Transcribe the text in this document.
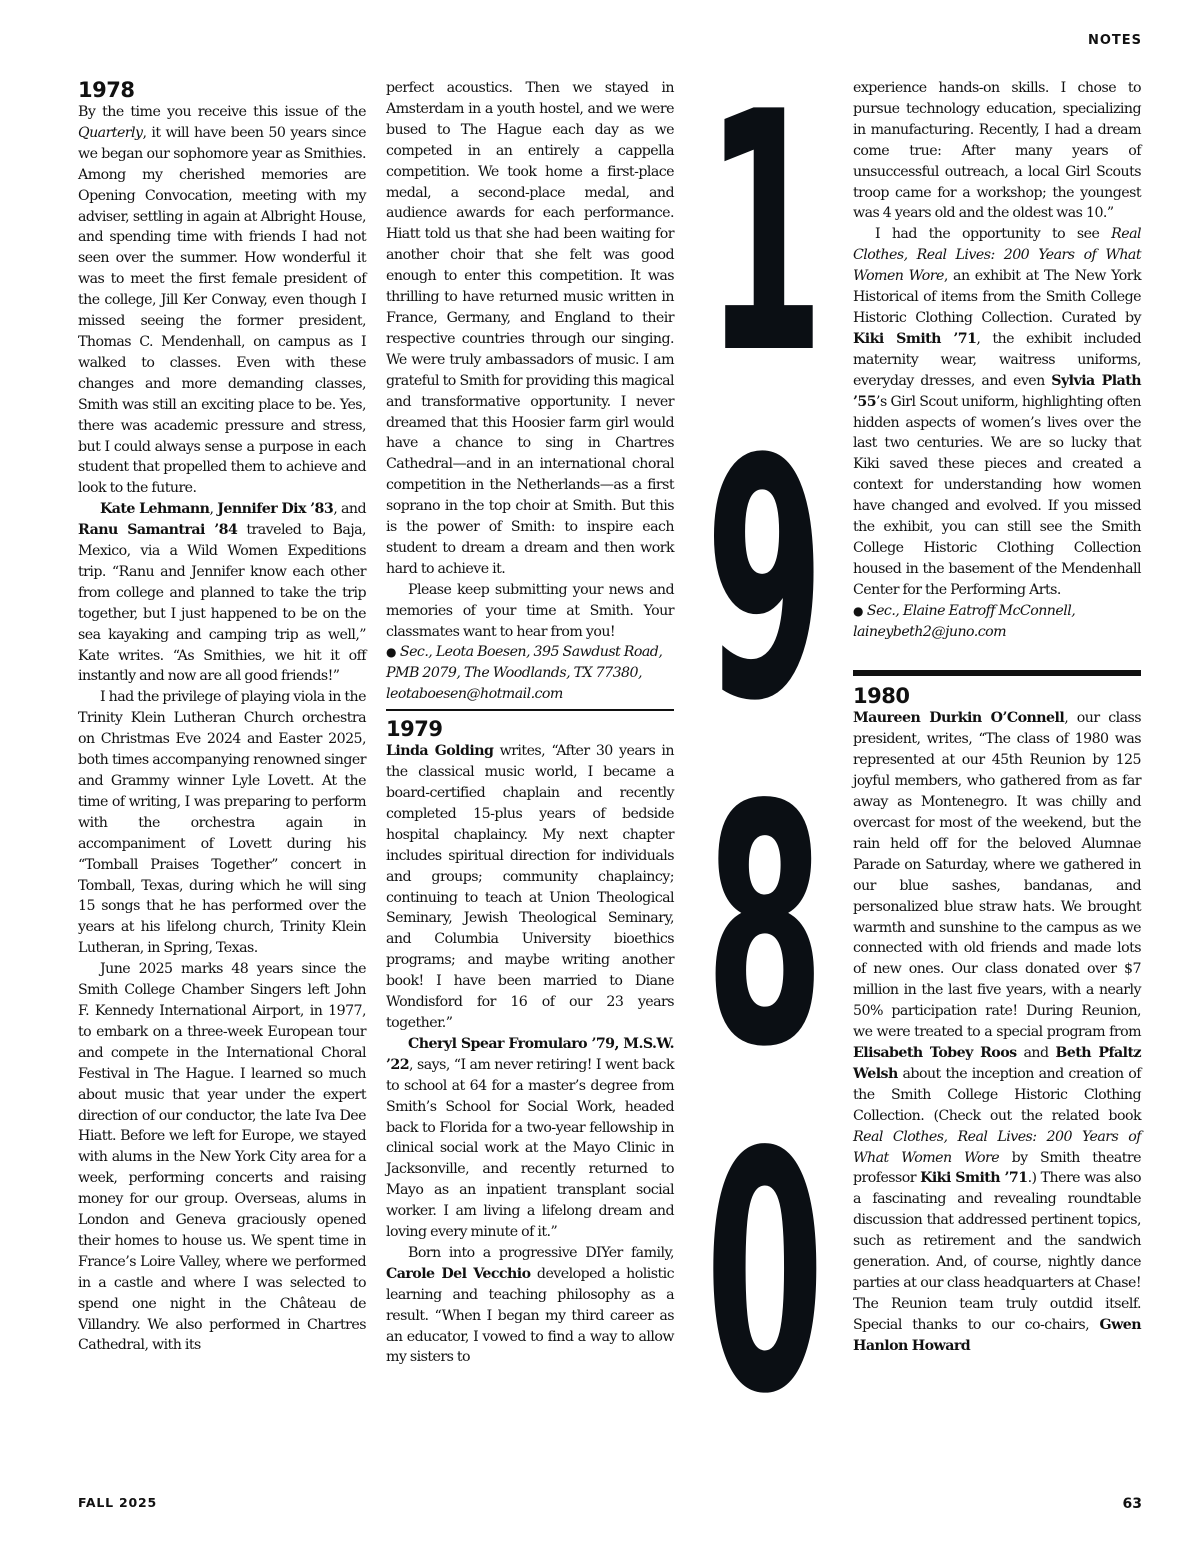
NOTES
1978

By the time you receive this issue of the Quarterly, it will have been 50 years since we began our sophomore year as Smithies. Among my cherished memories are Opening Convocation, meeting with my adviser, settling in again at Albright House, and spending time with friends I had not seen over the summer. How wonderful it was to meet the first female president of the college, Jill Ker Conway, even though I missed seeing the former president, Thomas C. Mendenhall, on campus as I walked to classes. Even with these changes and more demanding classes, Smith was still an exciting place to be. Yes, there was academic pressure and stress, but I could always sense a purpose in each student that propelled them to achieve and look to the future.

Kate Lehmann, Jennifer Dix ’83, and Ranu Samantrai ’84 traveled to Baja, Mexico, via a Wild Women Expeditions trip. “Ranu and Jennifer know each other from college and planned to take the trip together, but I just happened to be on the sea kayaking and camping trip as well,” Kate writes. “As Smithies, we hit it off instantly and now are all good friends!”

I had the privilege of playing viola in the Trinity Klein Lutheran Church orchestra on Christmas Eve 2024 and Easter 2025, both times accompanying renowned singer and Grammy winner Lyle Lovett. At the time of writing, I was preparing to perform with the orchestra again in accompaniment of Lovett during his “Tomball Praises Together” concert in Tomball, Texas, during which he will sing 15 songs that he has performed over the years at his lifelong church, Trinity Klein Lutheran, in Spring, Texas.

June 2025 marks 48 years since the Smith College Chamber Singers left John F. Kennedy International Airport, in 1977, to embark on a three-week European tour and compete in the International Choral Festival in The Hague. I learned so much about music that year under the expert direction of our conductor, the late Iva Dee Hiatt. Before we left for Europe, we stayed with alums in the New York City area for a week, performing concerts and raising money for our group. Overseas, alums in London and Geneva graciously opened their homes to house us. We spent time in France’s Loire Valley, where we performed in a castle and where I was selected to spend one night in the Château de Villandry. We also performed in Chartres Cathedral, with its

perfect acoustics. Then we stayed in Amsterdam in a youth hostel, and we were bused to The Hague each day as we competed in an entirely a cappella competition. We took home a first-place medal, a second-place medal, and audience awards for each performance. Hiatt told us that she had been waiting for another choir that she felt was good enough to enter this competition. It was thrilling to have returned music written in France, Germany, and England to their respective countries through our singing. We were truly ambassadors of music. I am grateful to Smith for providing this magical and transformative opportunity. I never dreamed that this Hoosier farm girl would have a chance to sing in Chartres Cathedral—and in an international choral competition in the Netherlands—as a first soprano in the top choir at Smith. But this is the power of Smith: to inspire each student to dream a dream and then work hard to achieve it.

Please keep submitting your news and memories of your time at Smith. Your classmates want to hear from you!

● Sec., Leota Boesen, 395 Sawdust Road, PMB 2079, The Woodlands, TX 77380, leotaboesen@hotmail.com

1979

Linda Golding writes, “After 30 years in the classical music world, I became a board-certified chaplain and recently completed 15-plus years of bedside hospital chaplaincy. My next chapter includes spiritual direction for individuals and groups; community chaplaincy; continuing to teach at Union Theological Seminary, Jewish Theological Seminary, and Columbia University bioethics programs; and maybe writing another book! I have been married to Diane Wondisford for 16 of our 23 years together.”

Cheryl Spear Fromularo ’79, M.S.W. ’22, says, “I am never retiring! I went back to school at 64 for a master’s degree from Smith’s School for Social Work, headed back to Florida for a two-year fellowship in clinical social work at the Mayo Clinic in Jacksonville, and recently returned to Mayo as an inpatient transplant social worker. I am living a lifelong dream and loving every minute of it.”

Born into a progressive DIYer family, Carole Del Vecchio developed a holistic learning and teaching philosophy as a result. “When I began my third career as an educator, I vowed to find a way to allow my sisters to

1
9
8
0

experience hands-on skills. I chose to pursue technology education, specializing in manufacturing. Recently, I had a dream come true: After many years of unsuccessful outreach, a local Girl Scouts troop came for a workshop; the youngest was 4 years old and the oldest was 10.”

I had the opportunity to see Real Clothes, Real Lives: 200 Years of What Women Wore, an exhibit at The New York Historical of items from the Smith College Historic Clothing Collection. Curated by Kiki Smith ’71, the exhibit included maternity wear, waitress uniforms, everyday dresses, and even Sylvia Plath ’55’s Girl Scout uniform, highlighting often hidden aspects of women’s lives over the last two centuries. We are so lucky that Kiki saved these pieces and created a context for understanding how women have changed and evolved. If you missed the exhibit, you can still see the Smith College Historic Clothing Collection housed in the basement of the Mendenhall Center for the Performing Arts.

● Sec., Elaine Eatroff McConnell, laineybeth2@juno.com

1980

Maureen Durkin O’Connell, our class president, writes, “The class of 1980 was represented at our 45th Reunion by 125 joyful members, who gathered from as far away as Montenegro. It was chilly and overcast for most of the weekend, but the rain held off for the beloved Alumnae Parade on Saturday, where we gathered in our blue sashes, bandanas, and personalized blue straw hats. We brought warmth and sunshine to the campus as we connected with old friends and made lots of new ones. Our class donated over $7 million in the last five years, with a nearly 50% participation rate! During Reunion, we were treated to a special program from Elisabeth Tobey Roos and Beth Pfaltz Welsh about the inception and creation of the Smith College Historic Clothing Collection. (Check out the related book Real Clothes, Real Lives: 200 Years of What Women Wore by Smith theatre professor Kiki Smith ’71.) There was also a fascinating and revealing roundtable discussion that addressed pertinent topics, such as retirement and the sandwich generation. And, of course, nightly dance parties at our class headquarters at Chase! The Reunion team truly outdid itself. Special thanks to our co-chairs, Gwen Hanlon Howard

FALL 2025	63
